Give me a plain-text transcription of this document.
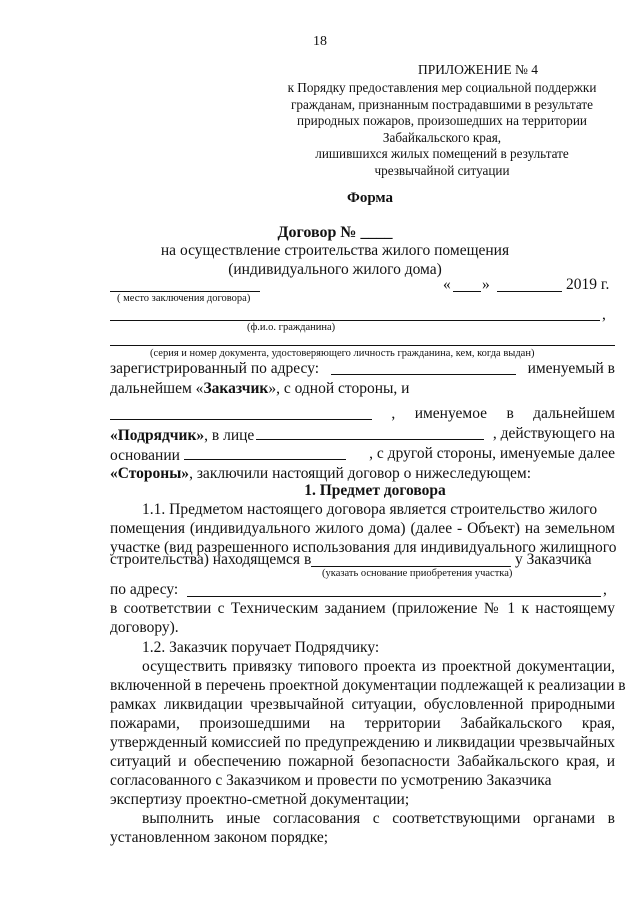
18
ПРИЛОЖЕНИЕ № 4
к Порядку предоставления мер социальной поддержки
гражданам, признанным пострадавшими в результате
природных пожаров, произошедших на территории
Забайкальского края,
лишившихся жилых помещений в результате
чрезвычайной ситуации
Форма
Договор № ____
на осуществление строительства жилого помещения
(индивидуального жилого дома)
« »	2019 г.
( место заключения договора)
,
(ф.и.о. гражданина)
(серия и номер документа, удостоверяющего личность гражданина, кем, когда выдан)
зарегистрированный по адресу:	именуемый в
дальнейшем «Заказчик», с одной стороны, и
, именуемое в дальнейшем
«Подрядчик», в лице	, действующего на
основании	, с другой стороны, именуемые далее
«Стороны», заключили настоящий договор о нижеследующем:
1. Предмет договора
1.1. Предметом настоящего договора является строительство жилого
помещения (индивидуального жилого дома) (далее - Объект) на земельном
участке (вид разрешенного использования для индивидуального жилищного
строительства) находящемся в	у Заказчика
(указать основание приобретения участка)
по адресу:	,
в соответствии с Техническим заданием (приложение № 1 к настоящему
договору).
1.2. Заказчик поручает Подрядчику:
осуществить привязку типового проекта из проектной документации,
включенной в перечень проектной документации подлежащей к реализации в
рамках ликвидации чрезвычайной ситуации, обусловленной природными
пожарами, произошедшими на территории Забайкальского края,
утвержденный комиссией по предупреждению и ликвидации чрезвычайных
ситуаций и обеспечению пожарной безопасности Забайкальского края, и
согласованного с Заказчиком и провести по усмотрению Заказчика
экспертизу проектно-сметной документации;
выполнить иные согласования с соответствующими органами в
установленном законом порядке;
